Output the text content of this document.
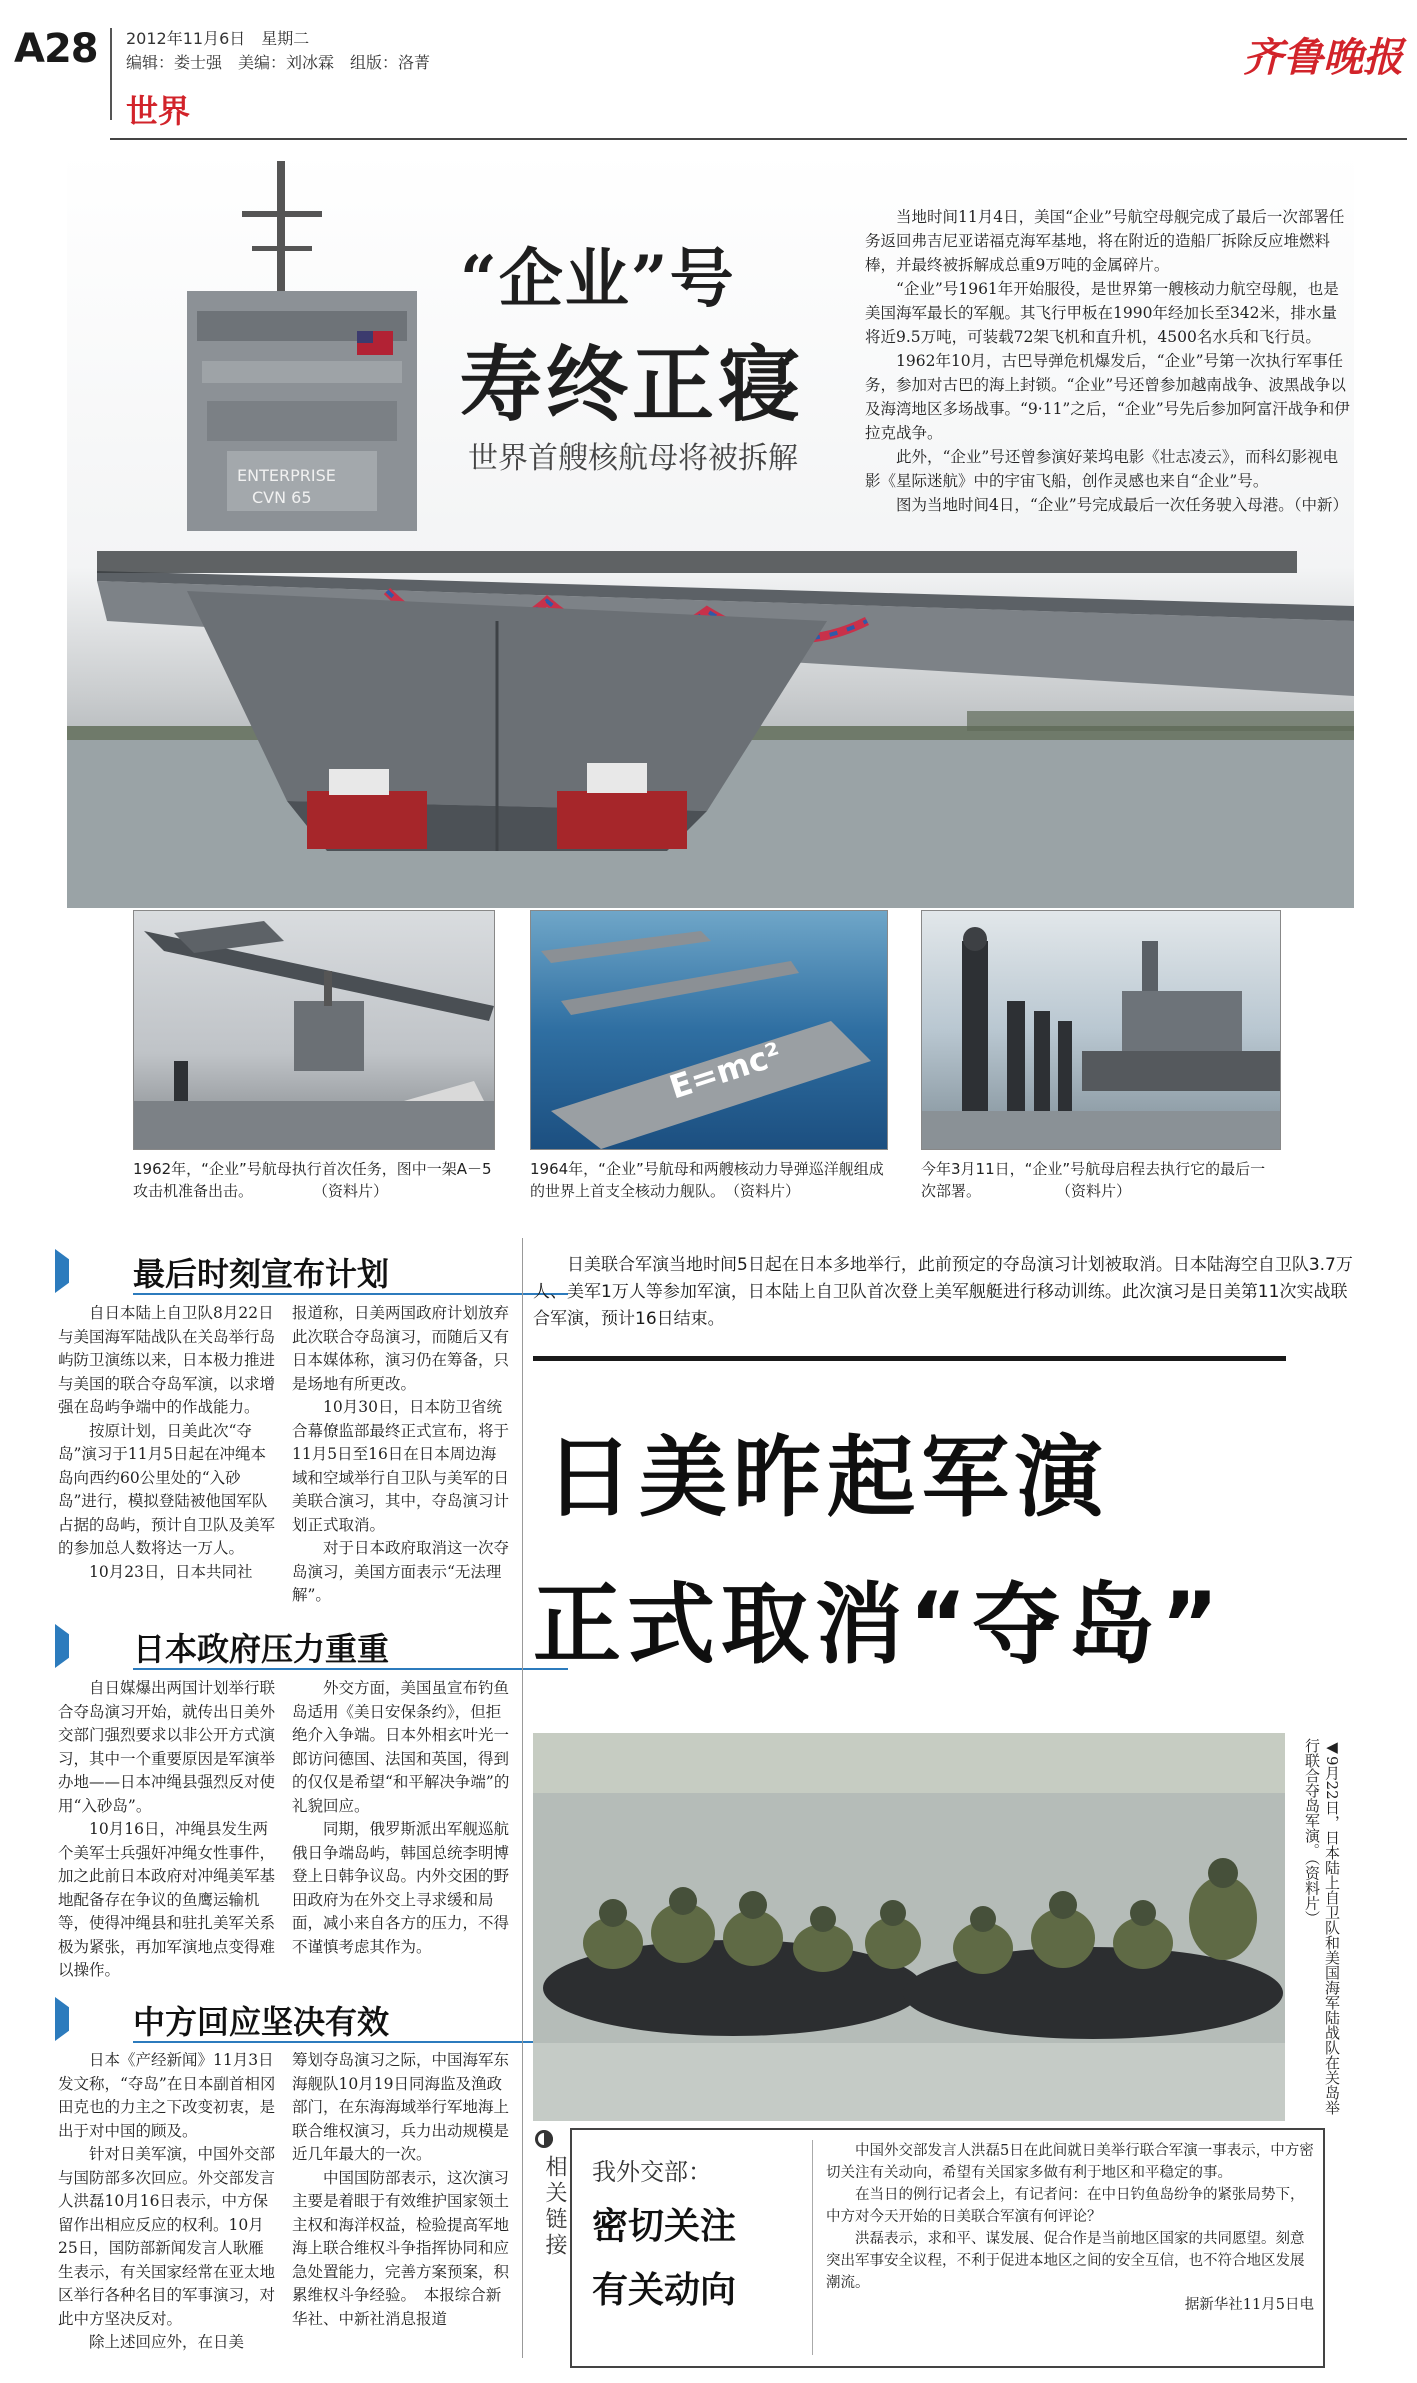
A28 2012年11月6日　星期二
编辑：娄士强　美编：刘冰霖　组版：洛菁
世界
齐鲁晚报
ENTERPRISE
CVN 65
“企业”号
寿终正寝
世界首艘核航母将被拆解

当地时间11月4日，美国“企业”号航空母舰完成了最后一次部署任务返回弗吉尼亚诺福克海军基地，将在附近的造船厂拆除反应堆燃料棒，并最终被拆解成总重9万吨的金属碎片。

“企业”号1961年开始服役，是世界第一艘核动力航空母舰，也是美国海军最长的军舰。其飞行甲板在1990年经加长至342米，排水量将近9.5万吨，可装载72架飞机和直升机，4500名水兵和飞行员。

1962年10月，古巴导弹危机爆发后，“企业”号第一次执行军事任务，参加对古巴的海上封锁。“企业”号还曾参加越南战争、波黑战争以及海湾地区多场战事。“9·11”之后，“企业”号先后参加阿富汗战争和伊拉克战争。

此外，“企业”号还曾参演好莱坞电影《壮志凌云》，而科幻影视电影《星际迷航》中的宇宙飞船，创作灵感也来自“企业”号。

图为当地时间4日，“企业”号完成最后一次任务驶入母港。（中新）

E=mc²
1962年，“企业”号航母执行首次任务，图中一架A－5攻击机准备出击。　　　　　（资料片）
1964年，“企业”号航母和两艘核动力导弹巡洋舰组成的世界上首支全核动力舰队。　（资料片）
今年3月11日，“企业”号航母启程去执行它的最后一次部署。　　　　　　（资料片）
最后时刻宣布计划

自日本陆上自卫队8月22日与美国海军陆战队在关岛举行岛屿防卫演练以来，日本极力推进与美国的联合夺岛军演，以求增强在岛屿争端中的作战能力。

按原计划，日美此次“夺岛”演习于11月5日起在冲绳本岛向西约60公里处的“入砂岛”进行，模拟登陆被他国军队占据的岛屿，预计自卫队及美军的参加总人数将达一万人。

10月23日，日本共同社

报道称，日美两国政府计划放弃此次联合夺岛演习，而随后又有日本媒体称，演习仍在筹备，只是场地有所更改。

10月30日，日本防卫省统合幕僚监部最终正式宣布，将于11月5日至16日在日本周边海域和空域举行自卫队与美军的日美联合演习，其中，夺岛演习计划正式取消。

对于日本政府取消这一次夺岛演习，美国方面表示“无法理解”。

日本政府压力重重

自日媒爆出两国计划举行联合夺岛演习开始，就传出日美外交部门强烈要求以非公开方式演习，其中一个重要原因是军演举办地——日本冲绳县强烈反对使用“入砂岛”。

10月16日，冲绳县发生两个美军士兵强奸冲绳女性事件，加之此前日本政府对冲绳美军基地配备存在争议的鱼鹰运输机等，使得冲绳县和驻扎美军关系极为紧张，再加军演地点变得难以操作。

外交方面，美国虽宣布钓鱼岛适用《美日安保条约》，但拒绝介入争端。日本外相玄叶光一郎访问德国、法国和英国，得到的仅仅是希望“和平解决争端”的礼貌回应。

同期，俄罗斯派出军舰巡航俄日争端岛屿，韩国总统李明博登上日韩争议岛。内外交困的野田政府为在外交上寻求缓和局面，减小来自各方的压力，不得不谨慎考虑其作为。

中方回应坚决有效

日本《产经新闻》11月3日发文称，“夺岛”在日本副首相冈田克也的力主之下改变初衷，是出于对中国的顾及。

针对日美军演，中国外交部与国防部多次回应。外交部发言人洪磊10月16日表示，中方保留作出相应反应的权利。10月25日，国防部新闻发言人耿雁生表示，有关国家经常在亚太地区举行各种名目的军事演习，对此中方坚决反对。

除上述回应外，在日美

筹划夺岛演习之际，中国海军东海舰队10月19日同海监及渔政部门，在东海海域举行军地海上联合维权演习，兵力出动规模是近几年最大的一次。

中国国防部表示，这次演习主要是着眼于有效维护国家领土主权和海洋权益，检验提高军地海上联合维权斗争指挥协同和应急处置能力，完善方案预案，积累维权斗争经验。　本报综合新华社、中新社消息报道

日美联合军演当地时间5日起在日本多地举行，此前预定的夺岛演习计划被取消。日本陆海空自卫队3.7万人、美军1万人等参加军演，日本陆上自卫队首次登上美军舰艇进行移动训练。此次演习是日美第11次实战联合军演，预计16日结束。
日美昨起军演
正式取消“夺岛”
◀9月22日，日本陆上自卫队和美国海军陆战队在关岛举行联合夺岛军演。（资料片）
相关链接 我外交部：
密切关注
有关动向

中国外交部发言人洪磊5日在此间就日美举行联合军演一事表示，中方密切关注有关动向，希望有关国家多做有利于地区和平稳定的事。

在当日的例行记者会上，有记者问：在中日钓鱼岛纷争的紧张局势下，中方对今天开始的日美联合军演有何评论？

洪磊表示，求和平、谋发展、促合作是当前地区国家的共同愿望。刻意突出军事安全议程，不利于促进本地区之间的安全互信，也不符合地区发展潮流。

据新华社11月5日电
